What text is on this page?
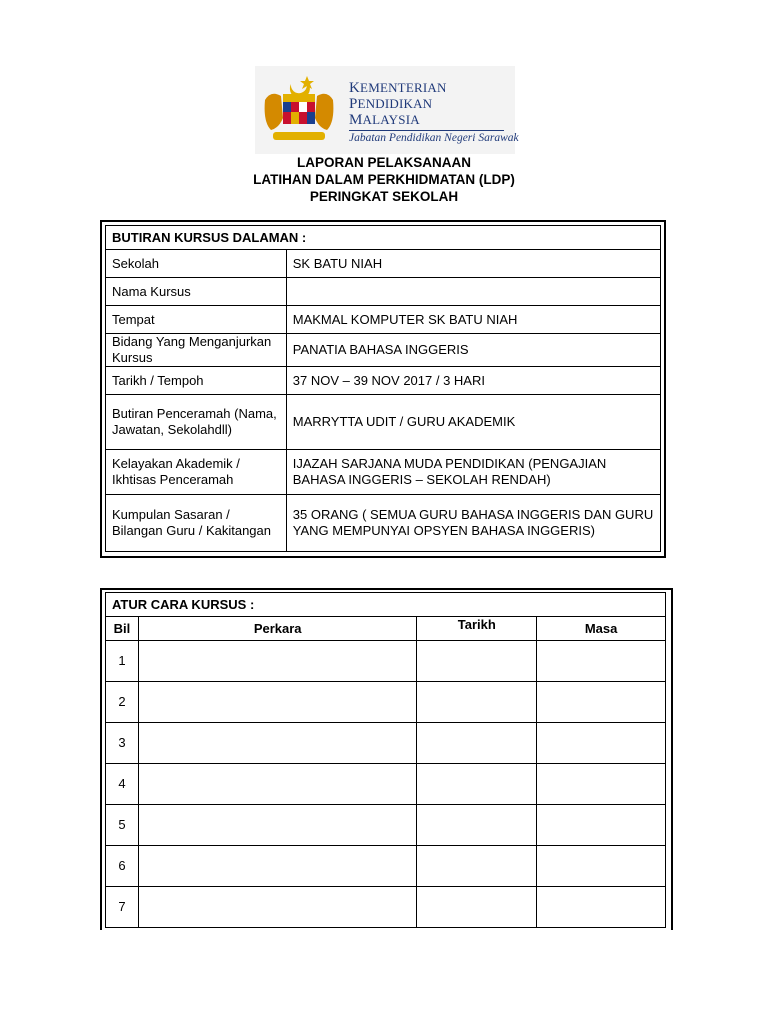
KEMENTERIAN
PENDIDIKAN
MALAYSIA
Jabatan Pendidikan Negeri Sarawak
LAPORAN PELAKSANAAN
LATIHAN DALAM PERKHIDMATAN (LDP)
PERINGKAT SEKOLAH
BUTIRAN KURSUS DALAMAN :	
Sekolah	SK BATU NIAH
Nama Kursus	
Tempat	MAKMAL KOMPUTER SK BATU NIAH
Bidang Yang Menganjurkan Kursus	PANATIA BAHASA INGGERIS
Tarikh / Tempoh	37 NOV – 39 NOV 2017 / 3 HARI
Butiran Penceramah (Nama, Jawatan, Sekolahdll)	MARRYTTA UDIT / GURU AKADEMIK
Kelayakan Akademik / Ikhtisas Penceramah	IJAZAH SARJANA MUDA PENDIDIKAN (PENGAJIAN BAHASA INGGERIS – SEKOLAH RENDAH)
Kumpulan Sasaran / Bilangan Guru / Kakitangan	35 ORANG ( SEMUA GURU BAHASA INGGERIS DAN GURU YANG MEMPUNYAI OPSYEN BAHASA INGGERIS)
ATUR CARA KURSUS :			
Bil	Perkara	Tarikh	Masa
1			
2			
3			
4			
5			
6			
7			
